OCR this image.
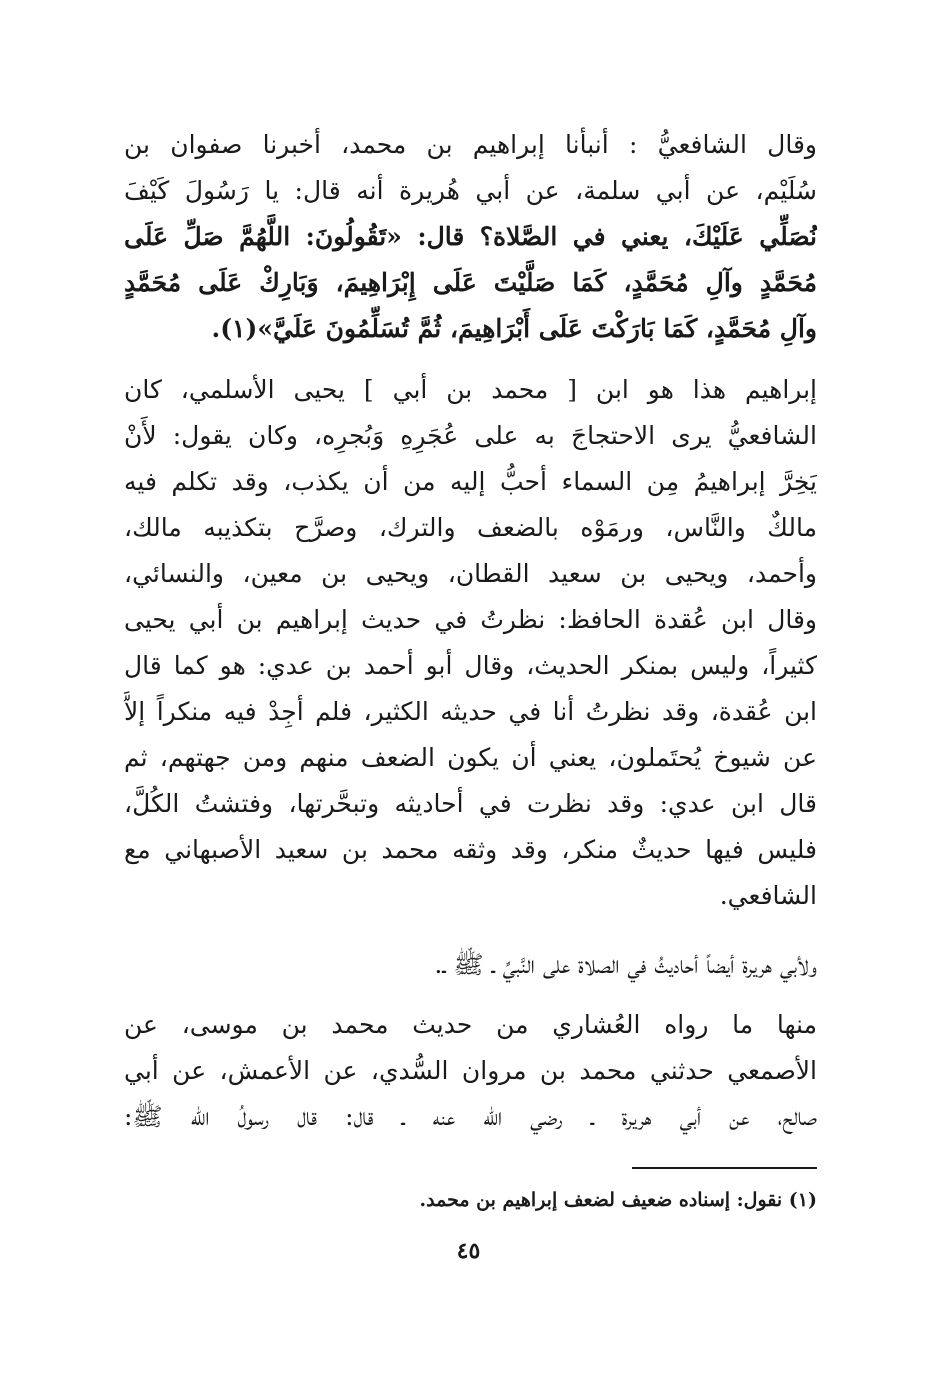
وقال الشافعيُّ : أنبأنا إبراهيم بن محمد، أخبرنا صفوان بن
سُلَيْم، عن أبي سلمة، عن أبي هُريرة أنه قال: يا رَسُولَ كَيْفَ
نُصَلِّي عَلَيْكَ، يعني في الصَّلاة؟ قال: «تَقُولُونَ: اللَّهُمَّ صَلِّ عَلَى
مُحَمَّدٍ وآلِ مُحَمَّدٍ، كَمَا صَلَّيْتَ عَلَى إِبْرَاهِيمَ، وَبَارِكْ عَلَى مُحَمَّدٍ
وآلِ مُحَمَّدٍ، كَمَا بَارَكْتَ عَلَى أَبْرَاهِيمَ، ثُمَّ تُسَلِّمُونَ عَلَيَّ»(١).
إبراهيم هذا هو ابن [ محمد بن أبي ] يحيى الأسلمي، كان
الشافعيُّ يرى الاحتجاجَ به على عُجَرِهِ وَبُجرِه، وكان يقول: لأَنْ
يَخِرَّ إبراهيمُ مِن السماء أحبُّ إليه من أن يكذب، وقد تكلم فيه
مالكٌ والنَّاس، ورمَوْه بالضعف والترك، وصرَّح بتكذيبه مالك،
وأحمد، ويحيى بن سعيد القطان، ويحيى بن معين، والنسائي،
وقال ابن عُقدة الحافظ: نظرتُ في حديث إبراهيم بن أبي يحيى
كثيراً، وليس بمنكر الحديث، وقال أبو أحمد بن عدي: هو كما قال
ابن عُقدة، وقد نظرتُ أنا في حديثه الكثير، فلم أجِدْ فيه منكراً إلاَّ
عن شيوخ يُحتَملون، يعني أن يكون الضعف منهم ومن جهتهم، ثم
قال ابن عدي: وقد نظرت في أحاديثه وتبحَّرتها، وفتشتُ الكُلَّ،
فليس فيها حديثٌ منكر، وقد وثقه محمد بن سعيد الأصبهاني مع
الشافعي.
ولأبي هريرة أيضاً أحاديثُ في الصلاة على النَّبيِّ ـ ﷺ ـ.
منها ما رواه العُشاري من حديث محمد بن موسى، عن
الأصمعي حدثني محمد بن مروان السُّدي، عن الأعمش، عن أبي
صالح، عن أبي هريرة ـ رضي الله عنه ـ قال: قال رسولُ الله ﷺ:
(١) نقول: إسناده ضعيف لضعف إبراهيم بن محمد.
٤٥
